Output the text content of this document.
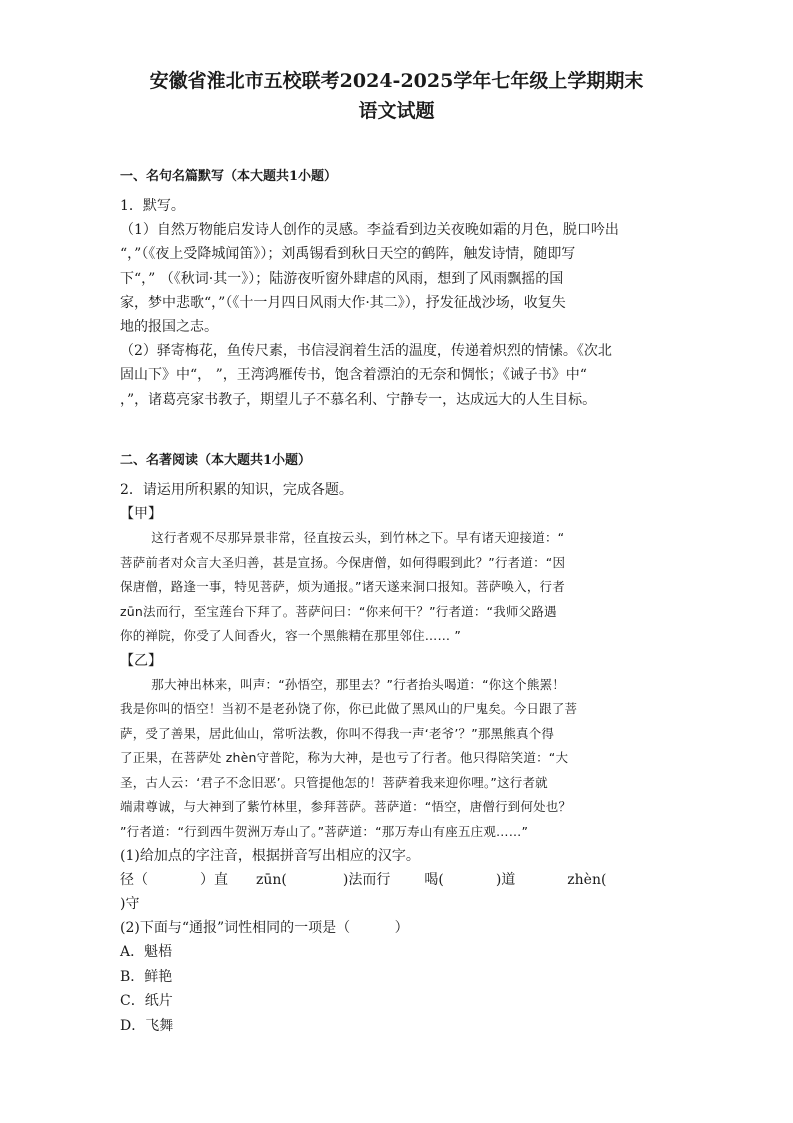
安徽省淮北市五校联考2024-2025学年七年级上学期期末
语文试题
一、名句名篇默写（本大题共1小题）
1．默写。
（1）自然万物能启发诗人创作的灵感。李益看到边关夜晚如霜的月色，脱口吟出
“，”（《夜上受降城闻笛》）；刘禹锡看到秋日天空的鹤阵，触发诗情，随即写
下“，” （《秋词·其一》）；陆游夜听窗外肆虐的风雨，想到了风雨飘摇的国
家，梦中悲歌“，”（《十一月四日风雨大作·其二》），抒发征战沙场，收复失
地的报国之志。
（2）驿寄梅花，鱼传尺素，书信浸润着生活的温度，传递着炽烈的情愫。《次北
固山下》中“， ”，王湾鸿雁传书，饱含着漂泊的无奈和惆怅；《诫子书》中“
，”，诸葛亮家书教子，期望儿子不慕名利、宁静专一，达成远大的人生目标。
二、名著阅读（本大题共1小题）
2．请运用所积累的知识，完成各题。
【甲】
这行者观不尽那异景非常，径直按云头，到竹林之下。早有诸天迎接道：“
菩萨前者对众言大圣归善，甚是宣扬。今保唐僧，如何得暇到此？”行者道：“因
保唐僧，路逢一事，特见菩萨，烦为通报。”诸天遂来洞口报知。菩萨唤入，行者
zūn法而行，至宝莲台下拜了。菩萨问曰：“你来何干？”行者道：“我师父路遇
你的禅院，你受了人间香火，容一个黑熊精在那里邻住…… ”
【乙】
那大神出林来，叫声：“孙悟空，那里去？”行者抬头喝道：“你这个熊罴！
我是你叫的悟空！当初不是老孙饶了你，你已此做了黑风山的尸鬼矣。今日跟了菩
萨，受了善果，居此仙山，常听法教，你叫不得我一声‘老爷’？”那黑熊真个得
了正果，在菩萨处 zhèn守普陀，称为大神，是也亏了行者。他只得陪笑道：“大
圣，古人云：‘君子不念旧恶’。只管提他怎的！菩萨着我来迎你哩。”这行者就
端肃尊诚，与大神到了紫竹林里，参拜菩萨。菩萨道：“悟空，唐僧行到何处也？
”行者道：“行到西牛贺洲万寿山了。”菩萨道：“那万寿山有座五庄观……”
(1)给加点的字注音，根据拼音写出相应的汉字。
径（	）直 zūn(	)法而行 喝(	)道	zhèn(
)守
(2)下面与“通报”词性相同的一项是（          ）
A．魁梧
B．鲜艳
C．纸片
D．飞舞
